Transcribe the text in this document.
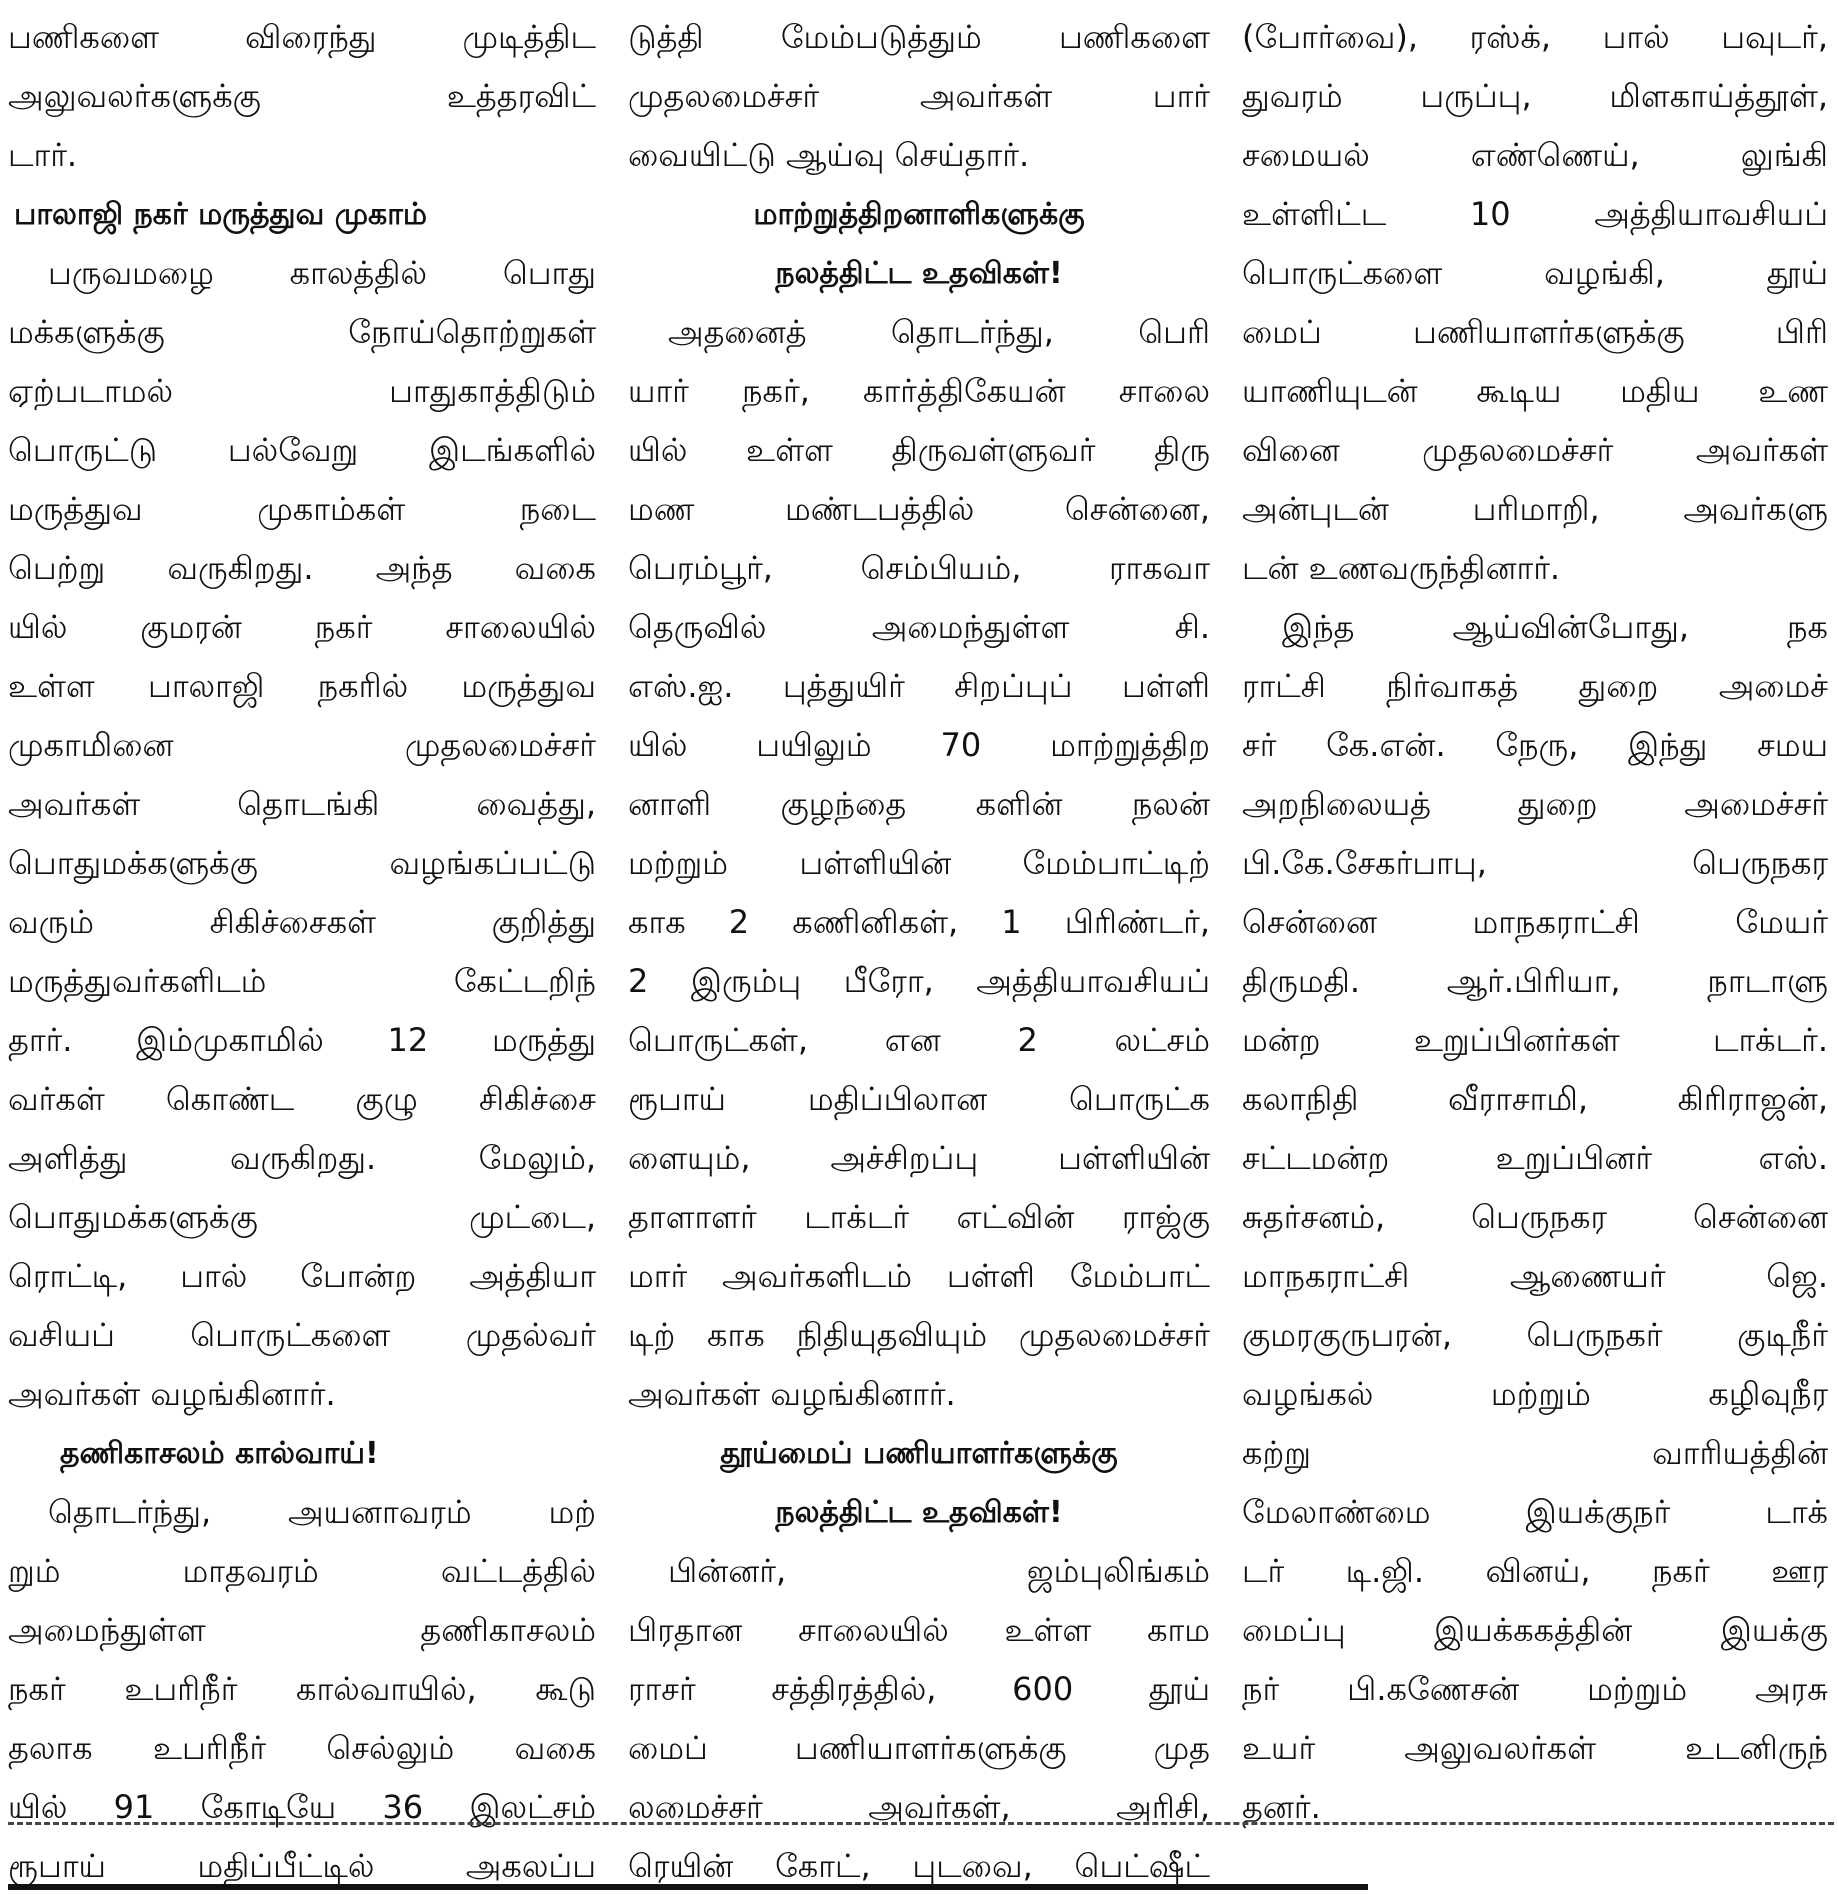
பணிகளை விரைந்து முடித்திட
அலுவலர்களுக்கு உத்தரவிட்
டார்.
பாலாஜி நகர் மருத்துவ முகாம்
பருவமழை காலத்தில் பொது
மக்களுக்கு நோய்தொற்றுகள்
ஏற்படாமல் பாதுகாத்திடும்
பொருட்டு பல்வேறு இடங்களில்
மருத்துவ முகாம்கள் நடை
பெற்று வருகிறது. அந்த வகை
யில் குமரன் நகர் சாலையில்
உள்ள பாலாஜி நகரில் மருத்துவ
முகாமினை முதலமைச்சர்
அவர்கள் தொடங்கி வைத்து,
பொதுமக்களுக்கு வழங்கப்பட்டு
வரும் சிகிச்சைகள் குறித்து
மருத்துவர்களிடம் கேட்டறிந்
தார். இம்முகாமில் 12 மருத்து
வர்கள் கொண்ட குழு சிகிச்சை
அளித்து வருகிறது. மேலும்,
பொதுமக்களுக்கு முட்டை,
ரொட்டி, பால் போன்ற அத்தியா
வசியப் பொருட்களை முதல்வர்
அவர்கள் வழங்கினார்.
தணிகாசலம் கால்வாய்!
தொடர்ந்து, அயனாவரம் மற்
றும் மாதவரம் வட்டத்தில்
அமைந்துள்ள தணிகாசலம்
நகர் உபரிநீர் கால்வாயில், கூடு
தலாக உபரிநீர் செல்லும் வகை
யில் 91 கோடியே 36 இலட்சம்
ரூபாய் மதிப்பீட்டில் அகலப்ப
டுத்தி மேம்படுத்தும் பணிகளை
முதலமைச்சர் அவர்கள் பார்
வையிட்டு ஆய்வு செய்தார்.
மாற்றுத்திறனாளிகளுக்கு
நலத்திட்ட உதவிகள்!
அதனைத் தொடர்ந்து, பெரி
யார் நகர், கார்த்திகேயன் சாலை
யில் உள்ள திருவள்ளுவர் திரு
மண மண்டபத்தில் சென்னை,
பெரம்பூர், செம்பியம், ராகவா
தெருவில் அமைந்துள்ள சி.
எஸ்.ஐ. புத்துயிர் சிறப்புப் பள்ளி
யில் பயிலும் 70 மாற்றுத்திற
னாளி குழந்தை களின் நலன்
மற்றும் பள்ளியின் மேம்பாட்டிற்
காக 2 கணினிகள், 1 பிரிண்டர்,
2 இரும்பு பீரோ, அத்தியாவசியப்
பொருட்கள், என 2 லட்சம்
ரூபாய் மதிப்பிலான பொருட்க
ளையும், அச்சிறப்பு பள்ளியின்
தாளாளர் டாக்டர் எட்வின் ராஜ்கு
மார் அவர்களிடம் பள்ளி மேம்பாட்
டிற் காக நிதியுதவியும் முதலமைச்சர்
அவர்கள் வழங்கினார்.
தூய்மைப் பணியாளர்களுக்கு
நலத்திட்ட உதவிகள்!
பின்னர், ஜம்புலிங்கம்
பிரதான சாலையில் உள்ள காம
ராசர் சத்திரத்தில், 600 தூய்
மைப் பணியாளர்களுக்கு முத
லமைச்சர் அவர்கள், அரிசி,
ரெயின் கோட், புடவை, பெட்ஷீட்
(போர்வை), ரஸ்க், பால் பவுடர்,
துவரம் பருப்பு, மிளகாய்த்தூள்,
சமையல் எண்ணெய், லுங்கி
உள்ளிட்ட 10 அத்தியாவசியப்
பொருட்களை வழங்கி, தூய்
மைப் பணியாளர்களுக்கு பிரி
யாணியுடன் கூடிய மதிய உண
வினை முதலமைச்சர் அவர்கள்
அன்புடன் பரிமாறி, அவர்களு
டன் உணவருந்தினார்.
இந்த ஆய்வின்போது, நக
ராட்சி நிர்வாகத் துறை அமைச்
சர் கே.என். நேரு, இந்து சமய
அறநிலையத் துறை அமைச்சர்
பி.கே.சேகர்பாபு, பெருநகர
சென்னை மாநகராட்சி மேயர்
திருமதி. ஆர்.பிரியா, நாடாளு
மன்ற உறுப்பினர்கள் டாக்டர்.
கலாநிதி வீராசாமி, கிரிராஜன்,
சட்டமன்ற உறுப்பினர் எஸ்.
சுதர்சனம், பெருநகர சென்னை
மாநகராட்சி ஆணையர் ஜெ.
குமரகுருபரன், பெருநகர் குடிநீர்
வழங்கல் மற்றும் கழிவுநீர
கற்று வாரியத்தின்
மேலாண்மை இயக்குநர் டாக்
டர் டி.ஜி. வினய், நகர் ஊர
மைப்பு இயக்ககத்தின் இயக்கு
நர் பி.கணேசன் மற்றும் அரசு
உயர் அலுவலர்கள் உடனிருந்
தனர்.
